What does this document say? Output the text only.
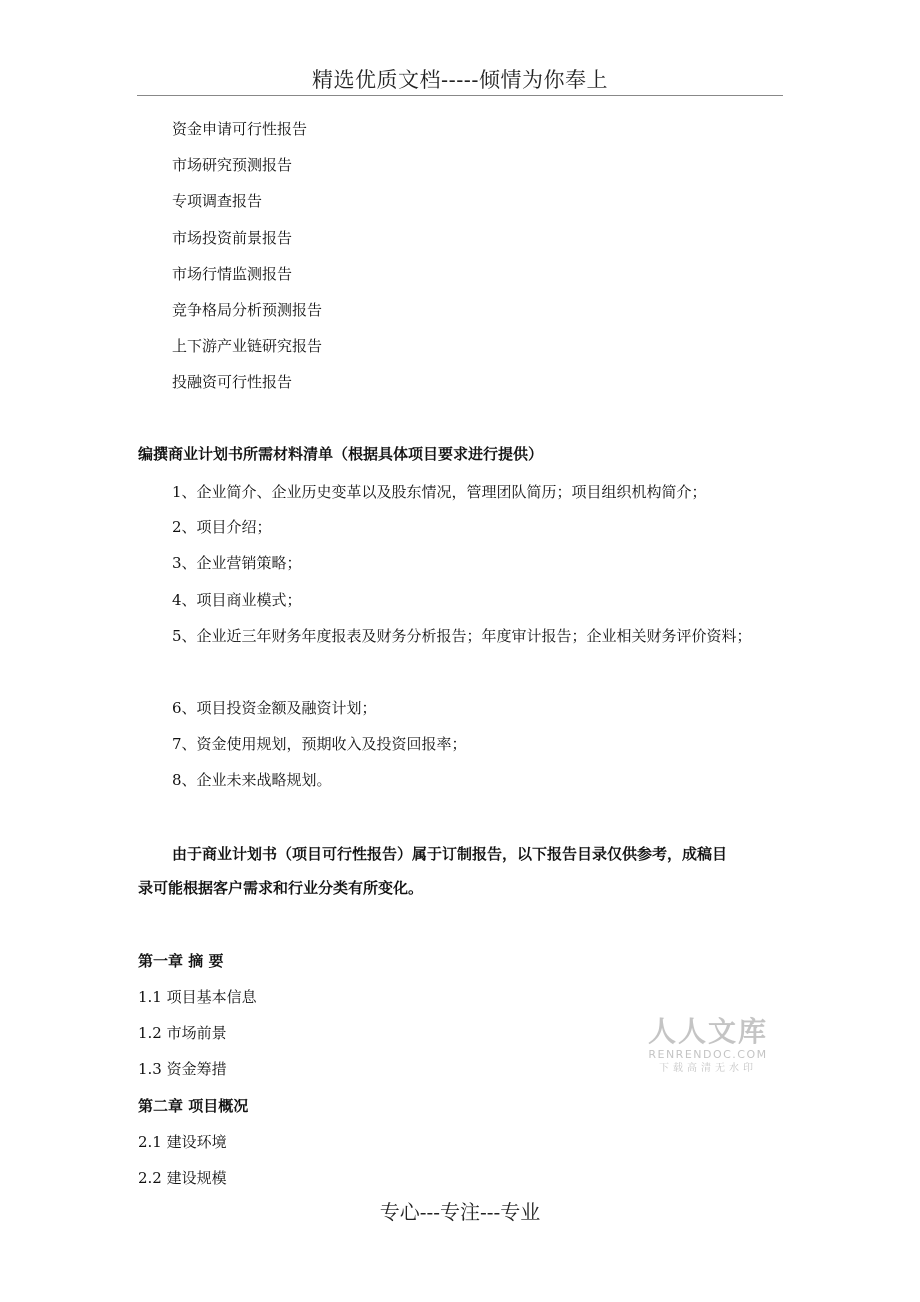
精选优质文档-----倾情为你奉上
资金申请可行性报告
市场研究预测报告
专项调查报告
市场投资前景报告
市场行情监测报告
竞争格局分析预测报告
上下游产业链研究报告
投融资可行性报告
编撰商业计划书所需材料清单（根据具体项目要求进行提供）
1、企业简介、企业历史变革以及股东情况，管理团队简历；项目组织机构简介；
2、项目介绍；
3、企业营销策略；
4、项目商业模式；
5、企业近三年财务年度报表及财务分析报告；年度审计报告；企业相关财务评价资料；
6、项目投资金额及融资计划；
7、资金使用规划，预期收入及投资回报率；
8、企业未来战略规划。
由于商业计划书（项目可行性报告）属于订制报告，以下报告目录仅供参考，成稿目
录可能根据客户需求和行业分类有所变化。
第一章 摘 要
1.1 项目基本信息
1.2 市场前景
1.3 资金筹措
第二章 项目概况
2.1 建设环境
2.2 建设规模
人人文库
RENRENDOC.COM
下载高清无水印
专心---专注---专业
